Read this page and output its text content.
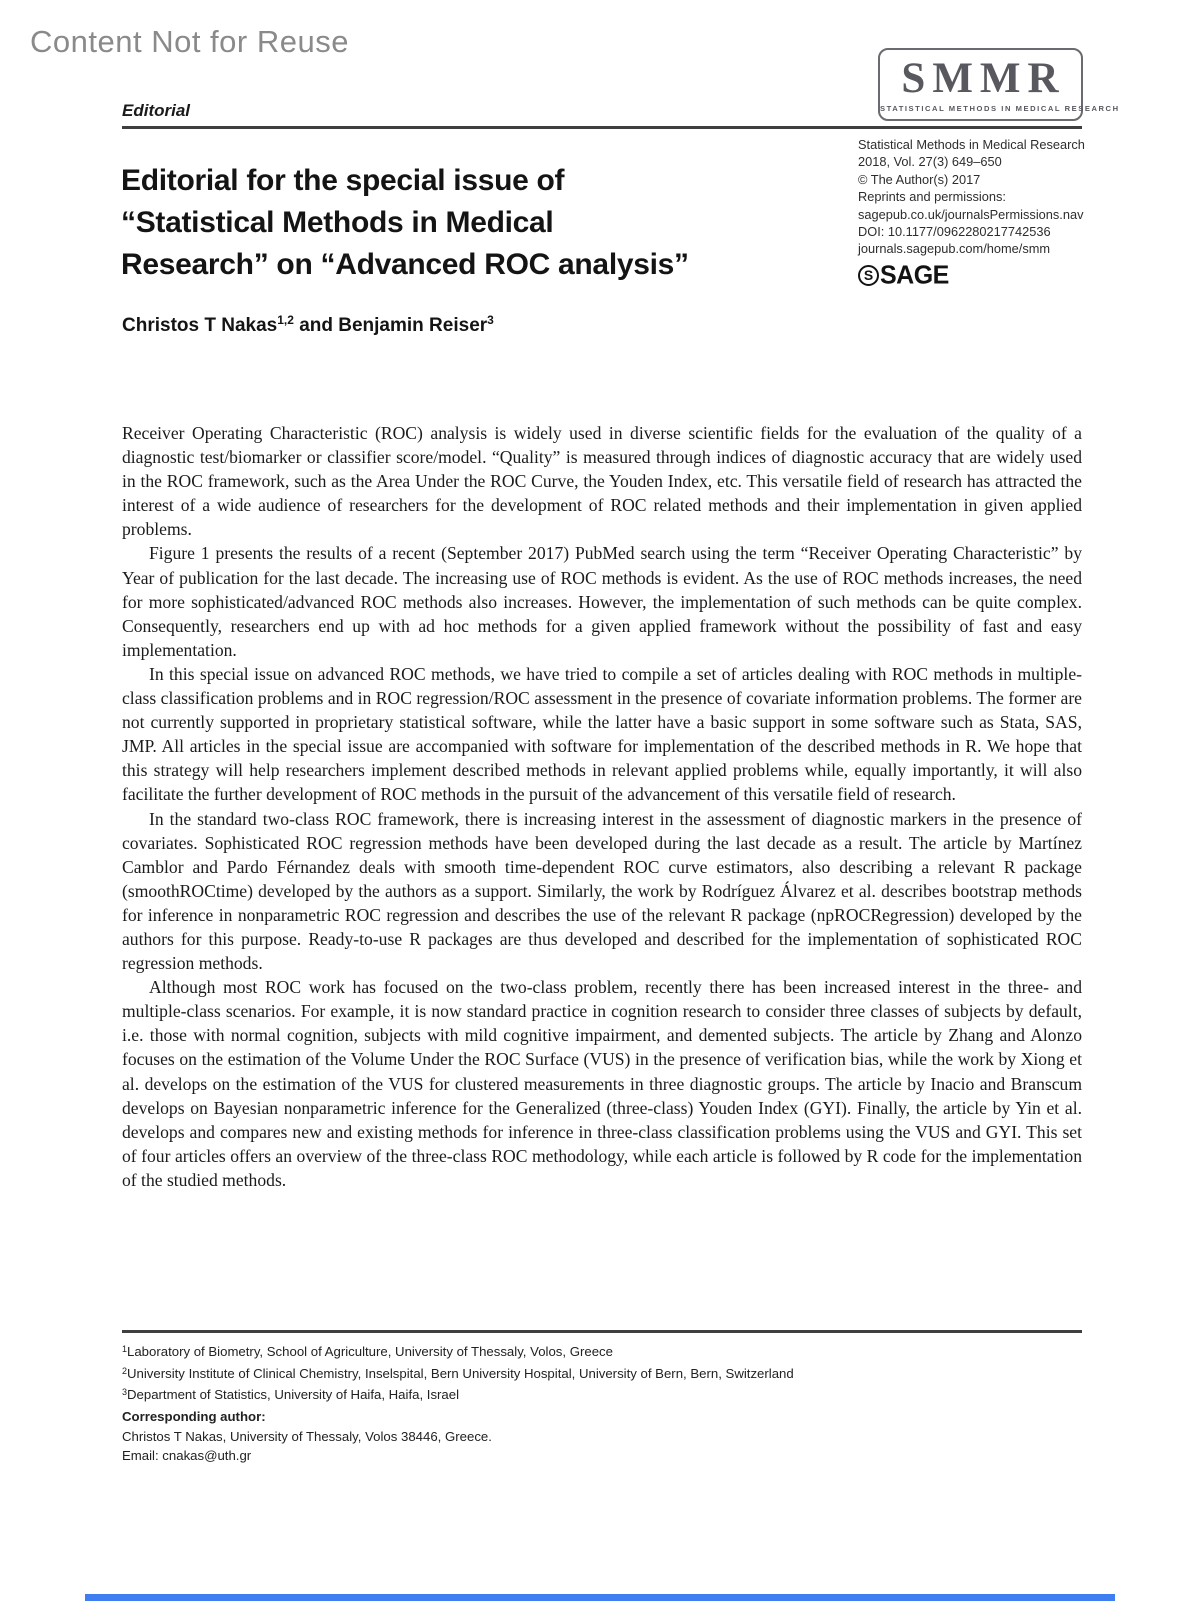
Content Not for Reuse
Editorial
SMMR
STATISTICAL METHODS IN MEDICAL RESEARCH
Statistical Methods in Medical Research
2018, Vol. 27(3) 649–650
© The Author(s) 2017
Reprints and permissions:
sagepub.co.uk/journalsPermissions.nav
DOI: 10.1177/0962280217742536
journals.sagepub.com/home/smm
S SAGE
Editorial for the special issue of
“Statistical Methods in Medical
Research” on “Advanced ROC analysis”
Christos T Nakas$^{1,2}$ and Benjamin Reiser$^3$

Receiver Operating Characteristic (ROC) analysis is widely used in diverse scientific fields for the evaluation of the quality of a diagnostic test/biomarker or classifier score/model. “Quality” is measured through indices of diagnostic accuracy that are widely used in the ROC framework, such as the Area Under the ROC Curve, the Youden Index, etc. This versatile field of research has attracted the interest of a wide audience of researchers for the development of ROC related methods and their implementation in given applied problems.

Figure 1 presents the results of a recent (September 2017) PubMed search using the term “Receiver Operating Characteristic” by Year of publication for the last decade. The increasing use of ROC methods is evident. As the use of ROC methods increases, the need for more sophisticated/advanced ROC methods also increases. However, the implementation of such methods can be quite complex. Consequently, researchers end up with ad hoc methods for a given applied framework without the possibility of fast and easy implementation.

In this special issue on advanced ROC methods, we have tried to compile a set of articles dealing with ROC methods in multiple-class classification problems and in ROC regression/ROC assessment in the presence of covariate information problems. The former are not currently supported in proprietary statistical software, while the latter have a basic support in some software such as Stata, SAS, JMP. All articles in the special issue are accompanied with software for implementation of the described methods in R. We hope that this strategy will help researchers implement described methods in relevant applied problems while, equally importantly, it will also facilitate the further development of ROC methods in the pursuit of the advancement of this versatile field of research.

In the standard two-class ROC framework, there is increasing interest in the assessment of diagnostic markers in the presence of covariates. Sophisticated ROC regression methods have been developed during the last decade as a result. The article by Martínez Camblor and Pardo Férnandez deals with smooth time-dependent ROC curve estimators, also describing a relevant R package (smoothROCtime) developed by the authors as a support. Similarly, the work by Rodríguez Álvarez et al. describes bootstrap methods for inference in nonparametric ROC regression and describes the use of the relevant R package (npROCRegression) developed by the authors for this purpose. Ready-to-use R packages are thus developed and described for the implementation of sophisticated ROC regression methods.

Although most ROC work has focused on the two-class problem, recently there has been increased interest in the three- and multiple-class scenarios. For example, it is now standard practice in cognition research to consider three classes of subjects by default, i.e. those with normal cognition, subjects with mild cognitive impairment, and demented subjects. The article by Zhang and Alonzo focuses on the estimation of the Volume Under the ROC Surface (VUS) in the presence of verification bias, while the work by Xiong et al. develops on the estimation of the VUS for clustered measurements in three diagnostic groups. The article by Inacio and Branscum develops on Bayesian nonparametric inference for the Generalized (three-class) Youden Index (GYI). Finally, the article by Yin et al. develops and compares new and existing methods for inference in three-class classification problems using the VUS and GYI. This set of four articles offers an overview of the three-class ROC methodology, while each article is followed by R code for the implementation of the studied methods.

$^1$Laboratory of Biometry, School of Agriculture, University of Thessaly, Volos, Greece
$^2$University Institute of Clinical Chemistry, Inselspital, Bern University Hospital, University of Bern, Bern, Switzerland
$^3$Department of Statistics, University of Haifa, Haifa, Israel
Corresponding author:
Christos T Nakas, University of Thessaly, Volos 38446, Greece.
Email: cnakas@uth.gr
